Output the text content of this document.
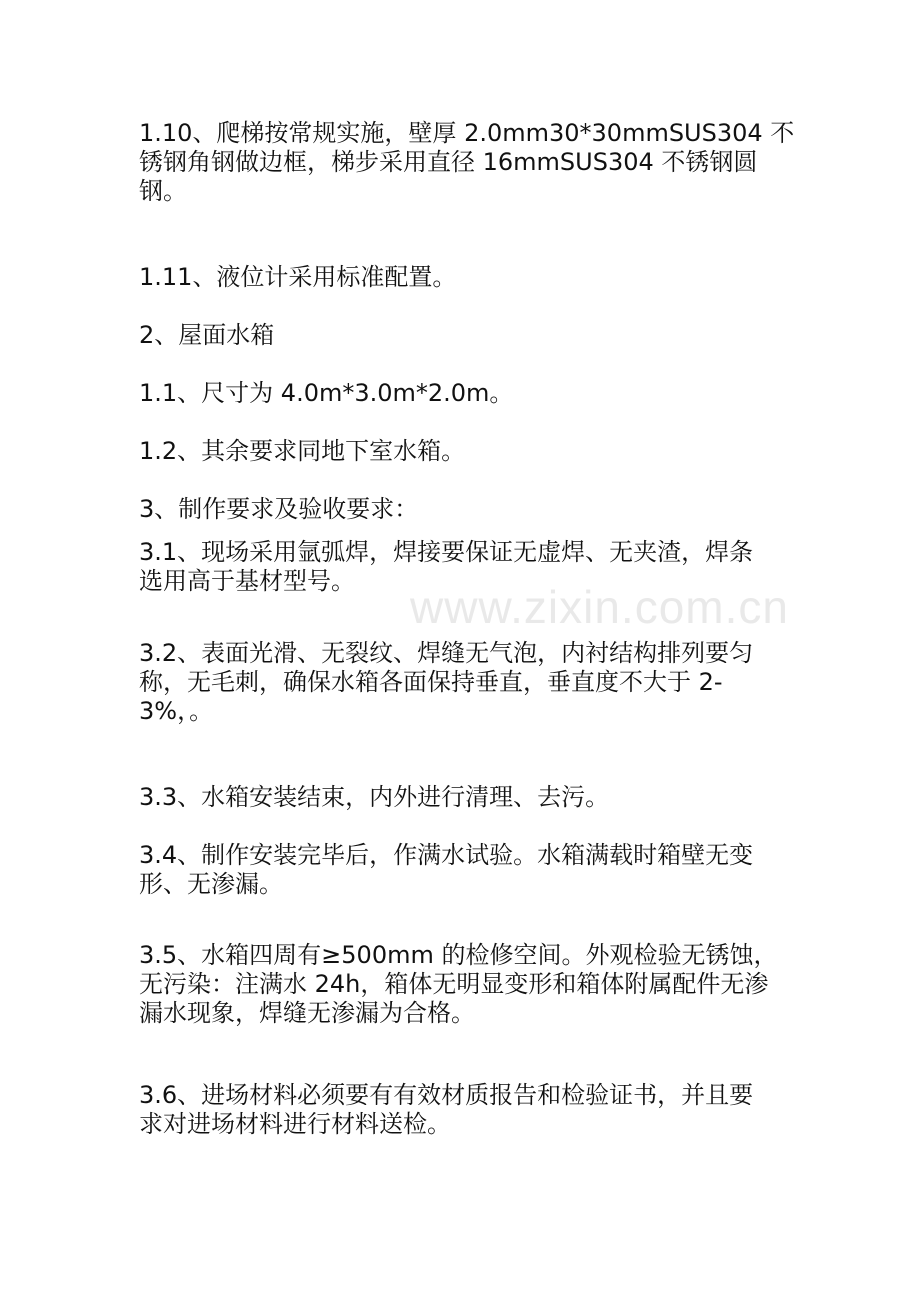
www.zixin.com.cn
1.10、爬梯按常规实施，壁厚 2.0mm30*30mmSUS304 不
锈钢角钢做边框，梯步采用直径 16mmSUS304 不锈钢圆
钢。
1.11、液位计采用标准配置。
2、屋面水箱
1.1、尺寸为 4.0m*3.0m*2.0m。
1.2、其余要求同地下室水箱。
3、制作要求及验收要求：
3.1、现场采用氩弧焊，焊接要保证无虚焊、无夹渣，焊条
选用高于基材型号。
3.2、表面光滑、无裂纹、焊缝无气泡，内衬结构排列要匀
称，无毛刺，确保水箱各面保持垂直，垂直度不大于 2-
3%，。
3.3、水箱安装结束，内外进行清理、去污。
3.4、制作安装完毕后，作满水试验。水箱满载时箱壁无变
形、无渗漏。
3.5、水箱四周有≥500mm 的检修空间。外观检验无锈蚀，
无污染：注满水 24h，箱体无明显变形和箱体附属配件无渗
漏水现象，焊缝无渗漏为合格。
3.6、进场材料必须要有有效材质报告和检验证书，并且要
求对进场材料进行材料送检。
